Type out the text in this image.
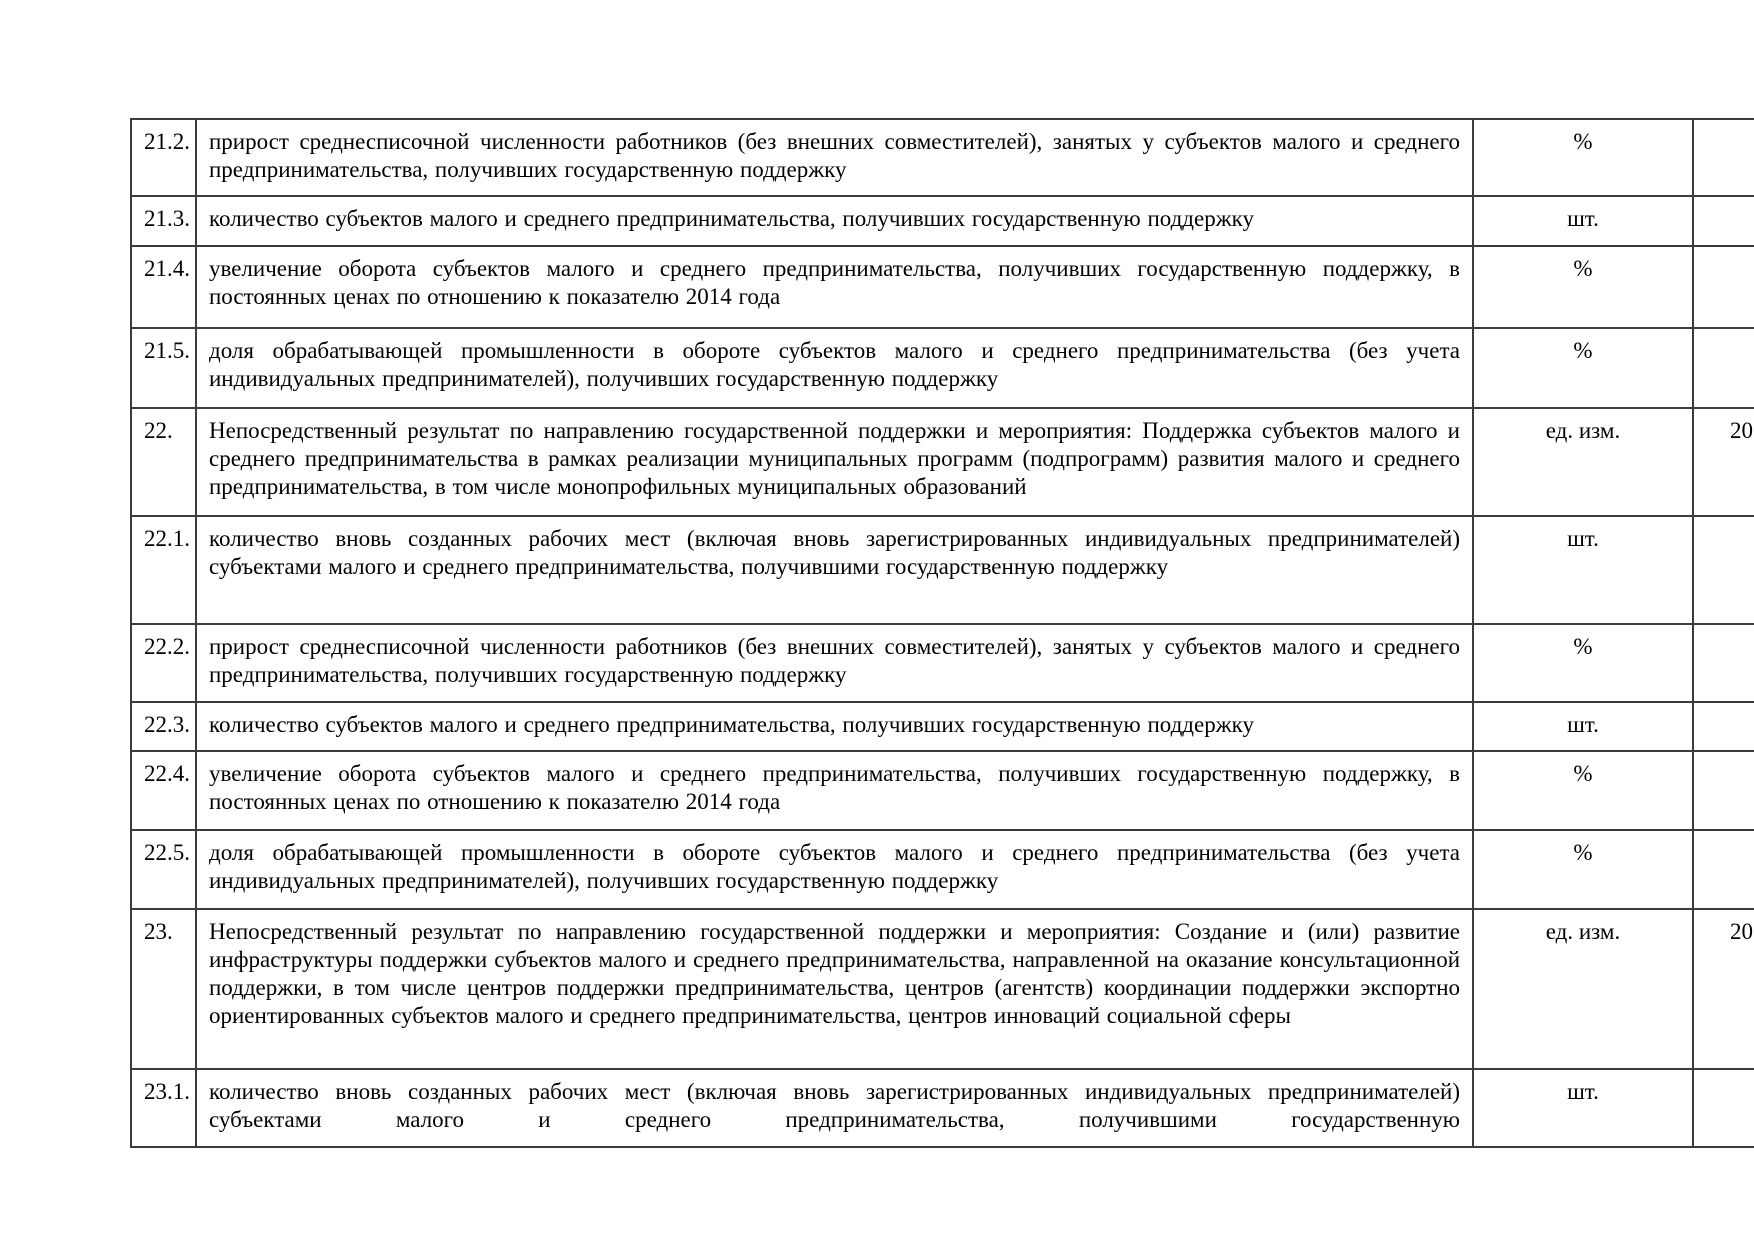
21.2.	прирост среднесписочной численности работников (без внешних совместителей), занятых у субъектов малого и среднего предпринимательства, получивших государственную поддержку	%	
21.3.	количество субъектов малого и среднего предпринимательства, получивших государственную поддержку	шт.	
21.4.	увеличение оборота субъектов малого и среднего предпринимательства, получивших государственную поддержку, в постоянных ценах по отношению к показателю 2014 года	%	
21.5.	доля обрабатывающей промышленности в обороте субъектов малого и среднего предпринимательства (без учета индивидуальных предпринимателей), получивших государственную поддержку	%	
22.	Непосредственный результат по направлению государственной поддержки и мероприятия: Поддержка субъектов малого и среднего предпринимательства в рамках реализации муниципальных программ (подпрограмм) развития малого и среднего предпринимательства, в том числе монопрофильных муниципальных образований	ед. изм.	20
22.1.	количество вновь созданных рабочих мест (включая вновь зарегистрированных индивидуальных предпринимателей) субъектами малого и среднего предпринимательства, получившими государственную поддержку	шт.	
22.2.	прирост среднесписочной численности работников (без внешних совместителей), занятых у субъектов малого и среднего предпринимательства, получивших государственную поддержку	%	
22.3.	количество субъектов малого и среднего предпринимательства, получивших государственную поддержку	шт.	
22.4.	увеличение оборота субъектов малого и среднего предпринимательства, получивших государственную поддержку, в постоянных ценах по отношению к показателю 2014 года	%	
22.5.	доля обрабатывающей промышленности в обороте субъектов малого и среднего предпринимательства (без учета индивидуальных предпринимателей), получивших государственную поддержку	%	
23.	Непосредственный результат по направлению государственной поддержки и мероприятия: Создание и (или) развитие инфраструктуры поддержки субъектов малого и среднего предпринимательства, направленной на оказание консультационной поддержки, в том числе центров поддержки предпринимательства, центров (агентств) координации поддержки экспортно ориентированных субъектов малого и среднего предпринимательства, центров инноваций социальной сферы	ед. изм.	20
23.1.	количество вновь созданных рабочих мест (включая вновь зарегистрированных индивидуальных предпринимателей) субъектами малого и среднего предпринимательства, получившими государственную	шт.	
